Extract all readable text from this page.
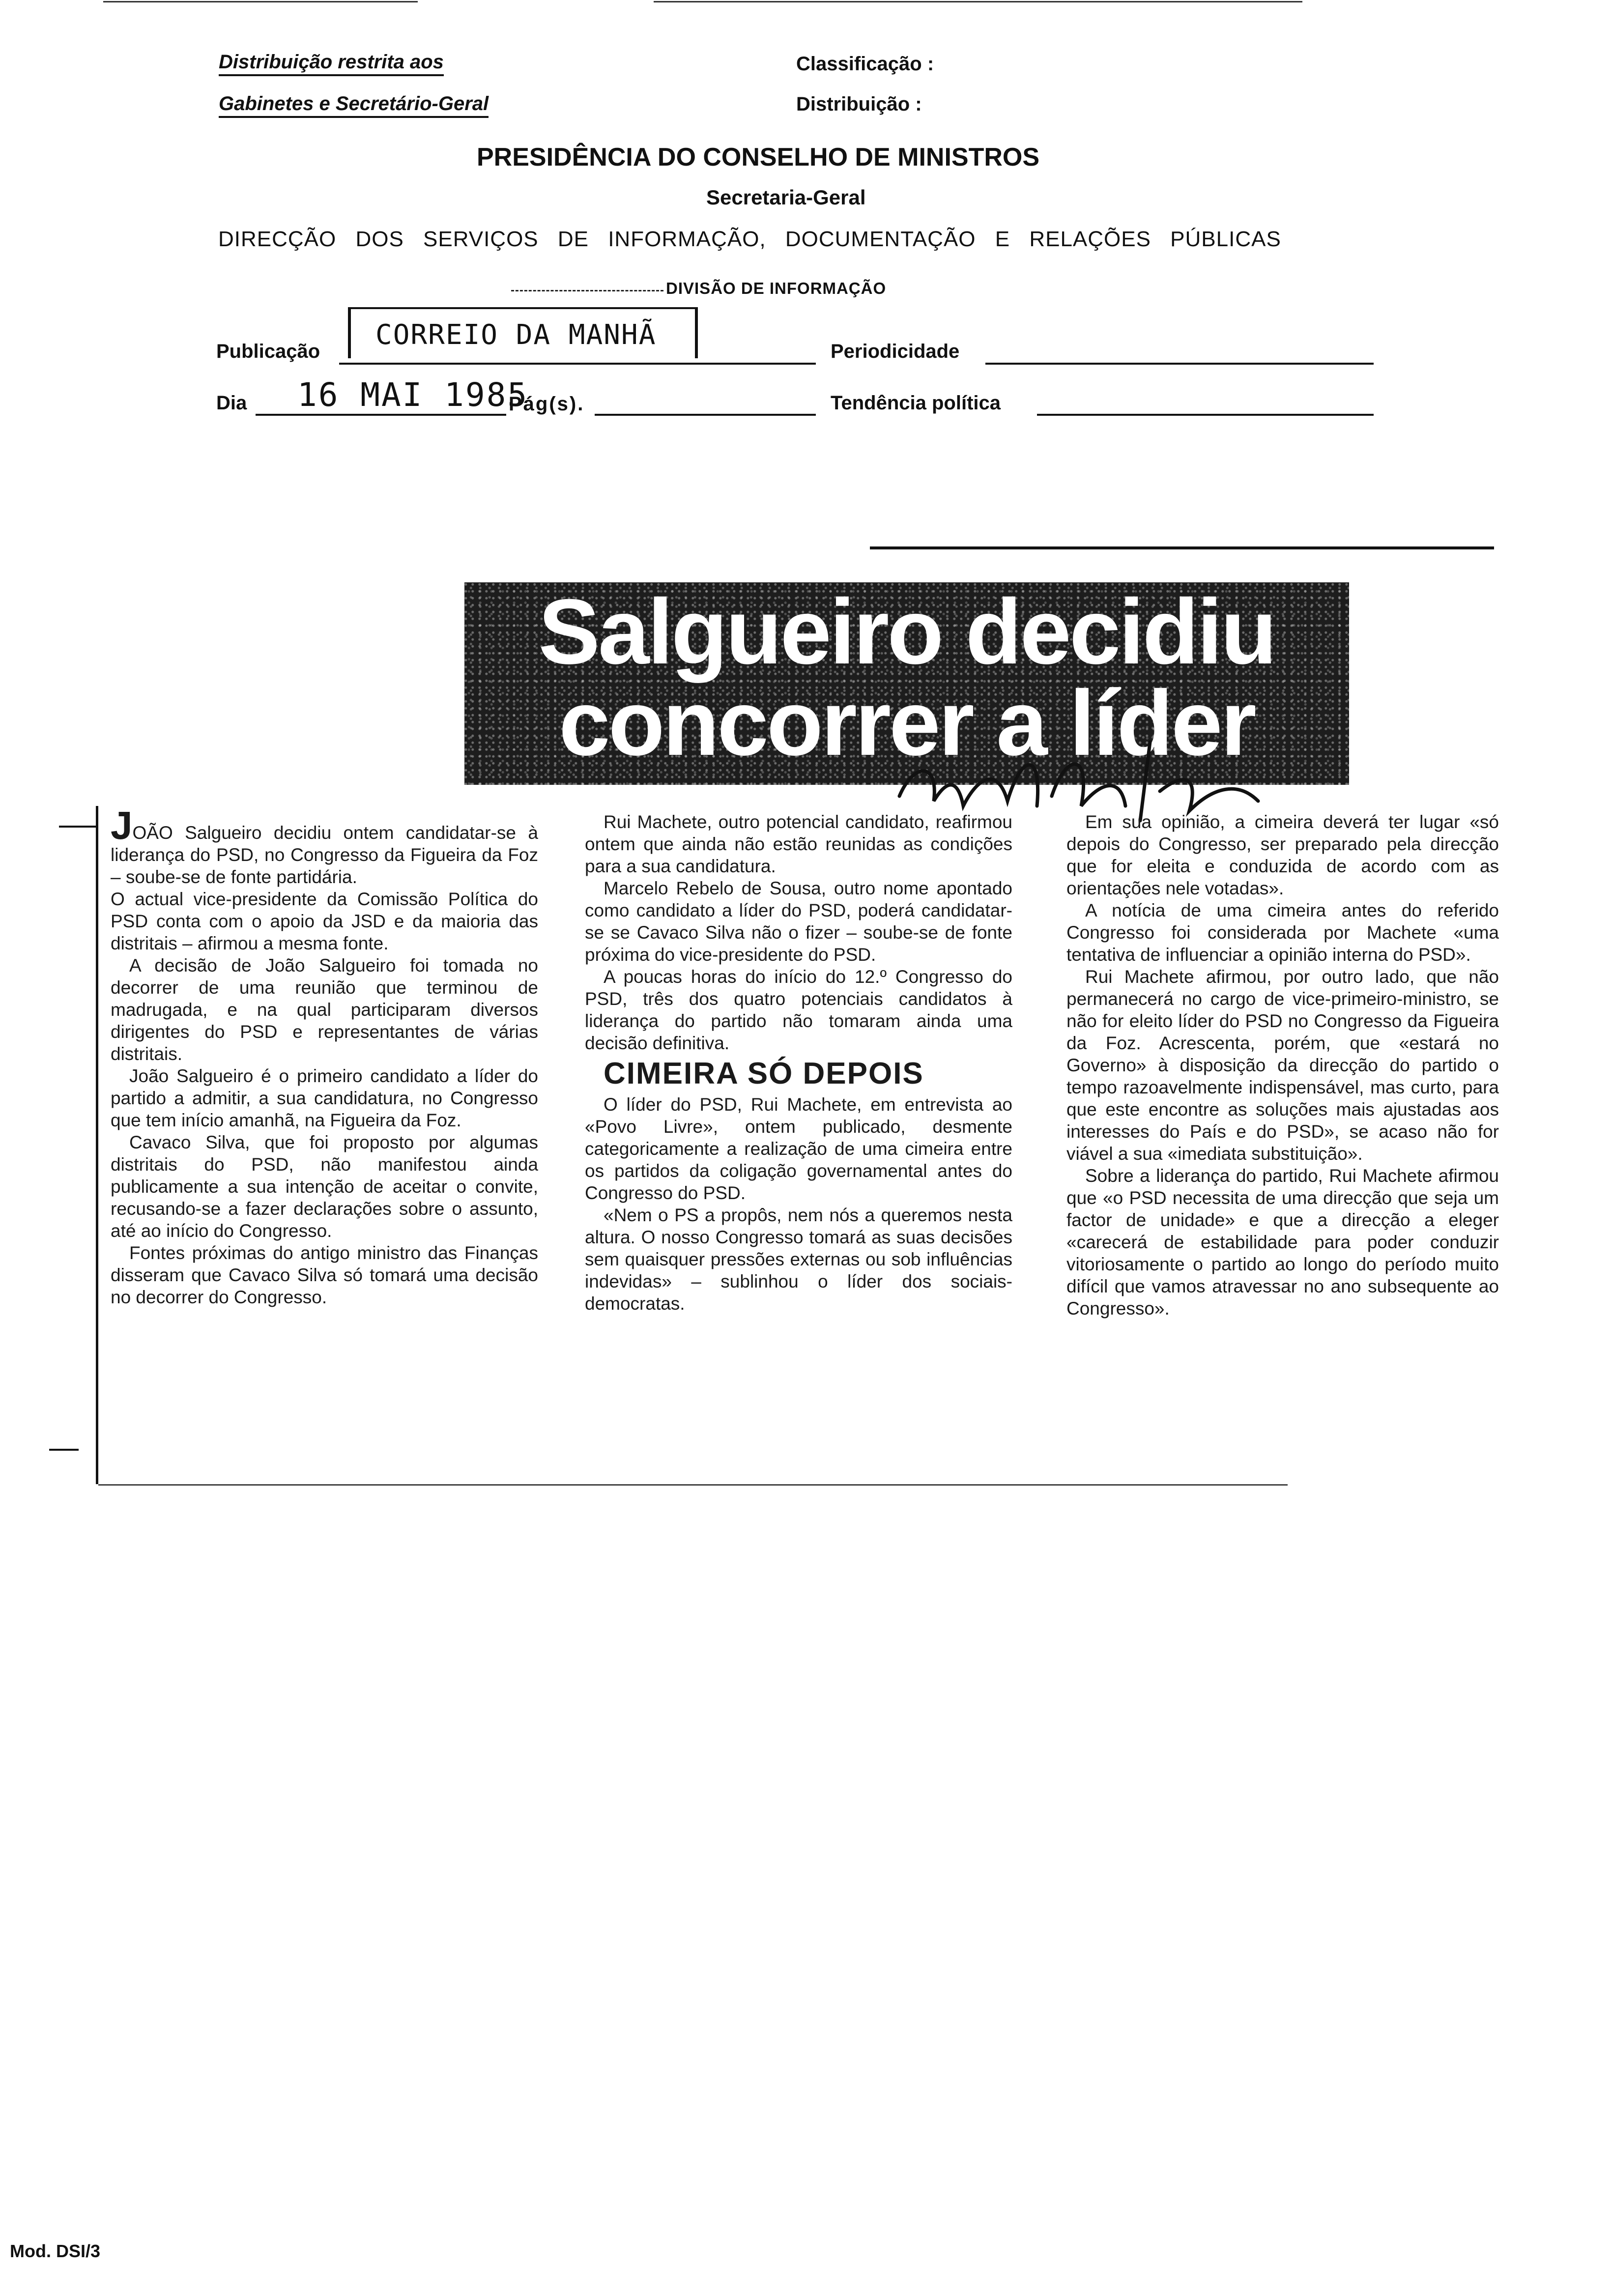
Distribuição restrita aos
Gabinetes e Secretário-Geral
Classificação :
Distribuição :
PRESIDÊNCIA DO CONSELHO DE MINISTROS
Secretaria-Geral
DIRECÇÃO DOS SERVIÇOS DE INFORMAÇÃO, DOCUMENTAÇÃO E RELAÇÕES PÚBLICAS
DIVISÃO DE INFORMAÇÃO
Publicação
CORREIO DA MANHÃ
Periodicidade
Dia 16 MAI 1985
Pág(s).	Tendência política
Salgueiro decidiu
concorrer a líder

JOÃO Salgueiro decidiu ontem candidatar-se à liderança do PSD, no Congresso da Figueira da Foz – soube-se de fonte partidária.

O actual vice-presidente da Comissão Política do PSD conta com o apoio da JSD e da maioria das distritais – afirmou a mesma fonte.

A decisão de João Salgueiro foi tomada no decorrer de uma reunião que terminou de madrugada, e na qual participaram diversos dirigentes do PSD e representantes de várias distritais.

João Salgueiro é o primeiro candidato a líder do partido a admitir, a sua candidatura, no Congresso que tem início amanhã, na Figueira da Foz.

Cavaco Silva, que foi proposto por algumas distritais do PSD, não manifestou ainda publicamente a sua intenção de aceitar o convite, recusando-se a fazer declarações sobre o assunto, até ao início do Congresso.

Fontes próximas do antigo ministro das Finanças disseram que Cavaco Silva só tomará uma decisão no decorrer do Congresso.

Rui Machete, outro potencial candidato, reafirmou ontem que ainda não estão reunidas as condições para a sua candidatura.

Marcelo Rebelo de Sousa, outro nome apontado como candidato a líder do PSD, poderá candidatar-se se Cavaco Silva não o fizer – soube-se de fonte próxima do vice-presidente do PSD.

A poucas horas do início do 12.º Congresso do PSD, três dos quatro potenciais candidatos à liderança do partido não tomaram ainda uma decisão definitiva.

CIMEIRA SÓ DEPOIS

O líder do PSD, Rui Machete, em entrevista ao «Povo Livre», ontem publicado, desmente categoricamente a realização de uma cimeira entre os partidos da coligação governamental antes do Congresso do PSD.

«Nem o PS a propôs, nem nós a queremos nesta altura. O nosso Congresso tomará as suas decisões sem quaisquer pressões externas ou sob influências indevidas» – sublinhou o líder dos sociais-democratas.

Em sua opinião, a cimeira deverá ter lugar «só depois do Congresso, ser preparado pela direcção que for eleita e conduzida de acordo com as orientações nele votadas».

A notícia de uma cimeira antes do referido Congresso foi considerada por Machete «uma tentativa de influenciar a opinião interna do PSD».

Rui Machete afirmou, por outro lado, que não permanecerá no cargo de vice-primeiro-ministro, se não for eleito líder do PSD no Congresso da Figueira da Foz. Acrescenta, porém, que «estará no Governo» à disposição da direcção do partido o tempo razoavelmente indispensável, mas curto, para que este encontre as soluções mais ajustadas aos interesses do País e do PSD», se acaso não for viável a sua «imediata substituição».

Sobre a liderança do partido, Rui Machete afirmou que «o PSD necessita de uma direcção que seja um factor de unidade» e que a direcção a eleger «carecerá de estabilidade para poder conduzir vitoriosamente o partido ao longo do período muito difícil que vamos atravessar no ano subsequente ao Congresso».

Mod. DSI/3
